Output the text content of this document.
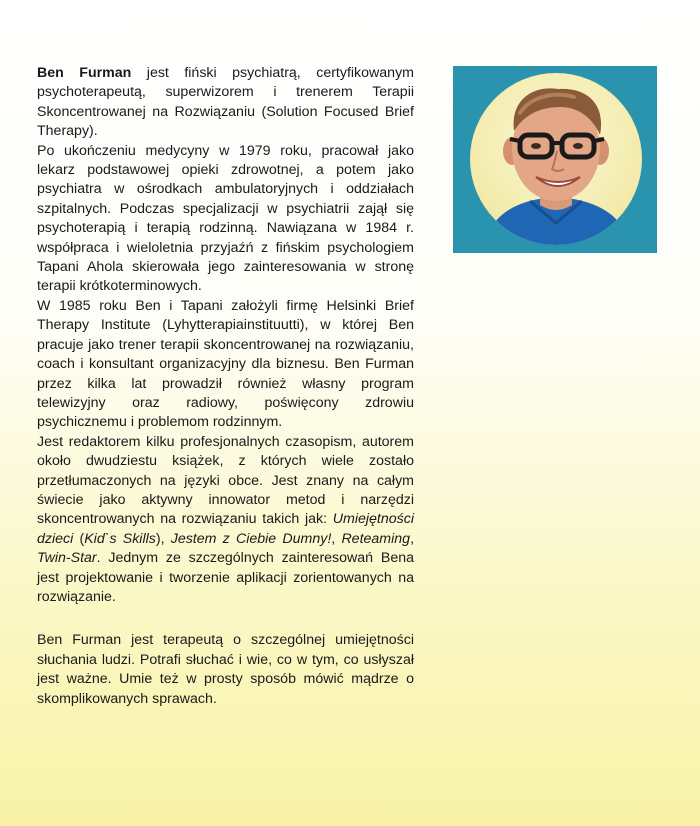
Ben Furman jest fiński psychiatrą, certyfikowanym psychoterapeutą, superwizorem i trenerem Terapii Skoncentrowanej na Rozwiązaniu (Solution Focused Brief Therapy).

Po ukończeniu medycyny w 1979 roku, pracował jako lekarz podstawowej opieki zdrowotnej, a potem jako psychiatra w ośrodkach ambulatoryjnych i oddziałach szpitalnych. Podczas specjalizacji w psychiatrii zajął się psychoterapią i terapią rodzinną. Nawiązana w 1984 r. współpraca i wieloletnia przyjaźń z fińskim psychologiem Tapani Ahola skierowała jego zainteresowania w stronę terapii krótkoterminowych.

W 1985 roku Ben i Tapani założyli firmę Helsinki Brief Therapy Institute (Lyhytterapiainstituutti), w której Ben pracuje jako trener terapii skoncentrowanej na rozwiązaniu, coach i konsultant organizacyjny dla biznesu. Ben Furman przez kilka lat prowadził również własny program telewizyjny oraz radiowy, poświęcony zdrowiu psychicznemu i problemom rodzinnym.

Jest redaktorem kilku profesjonalnych czasopism, autorem około dwudziestu książek, z których wiele zostało przetłumaczonych na języki obce. Jest znany na całym świecie jako aktywny innowator metod i narzędzi skoncentrowanych na rozwiązaniu takich jak: Umiejętności dzieci (Kid`s Skills), Jestem z Ciebie Dumny!, Reteaming, Twin-Star. Jednym ze szczególnych zainteresowań Bena jest projektowanie i tworzenie aplikacji zorientowanych na rozwiązanie.

Ben Furman jest terapeutą o szczególnej umiejętności słuchania ludzi. Potrafi słuchać i wie, co w tym, co usłyszał jest ważne. Umie też w prosty sposób mówić mądrze o skomplikowanych sprawach.
